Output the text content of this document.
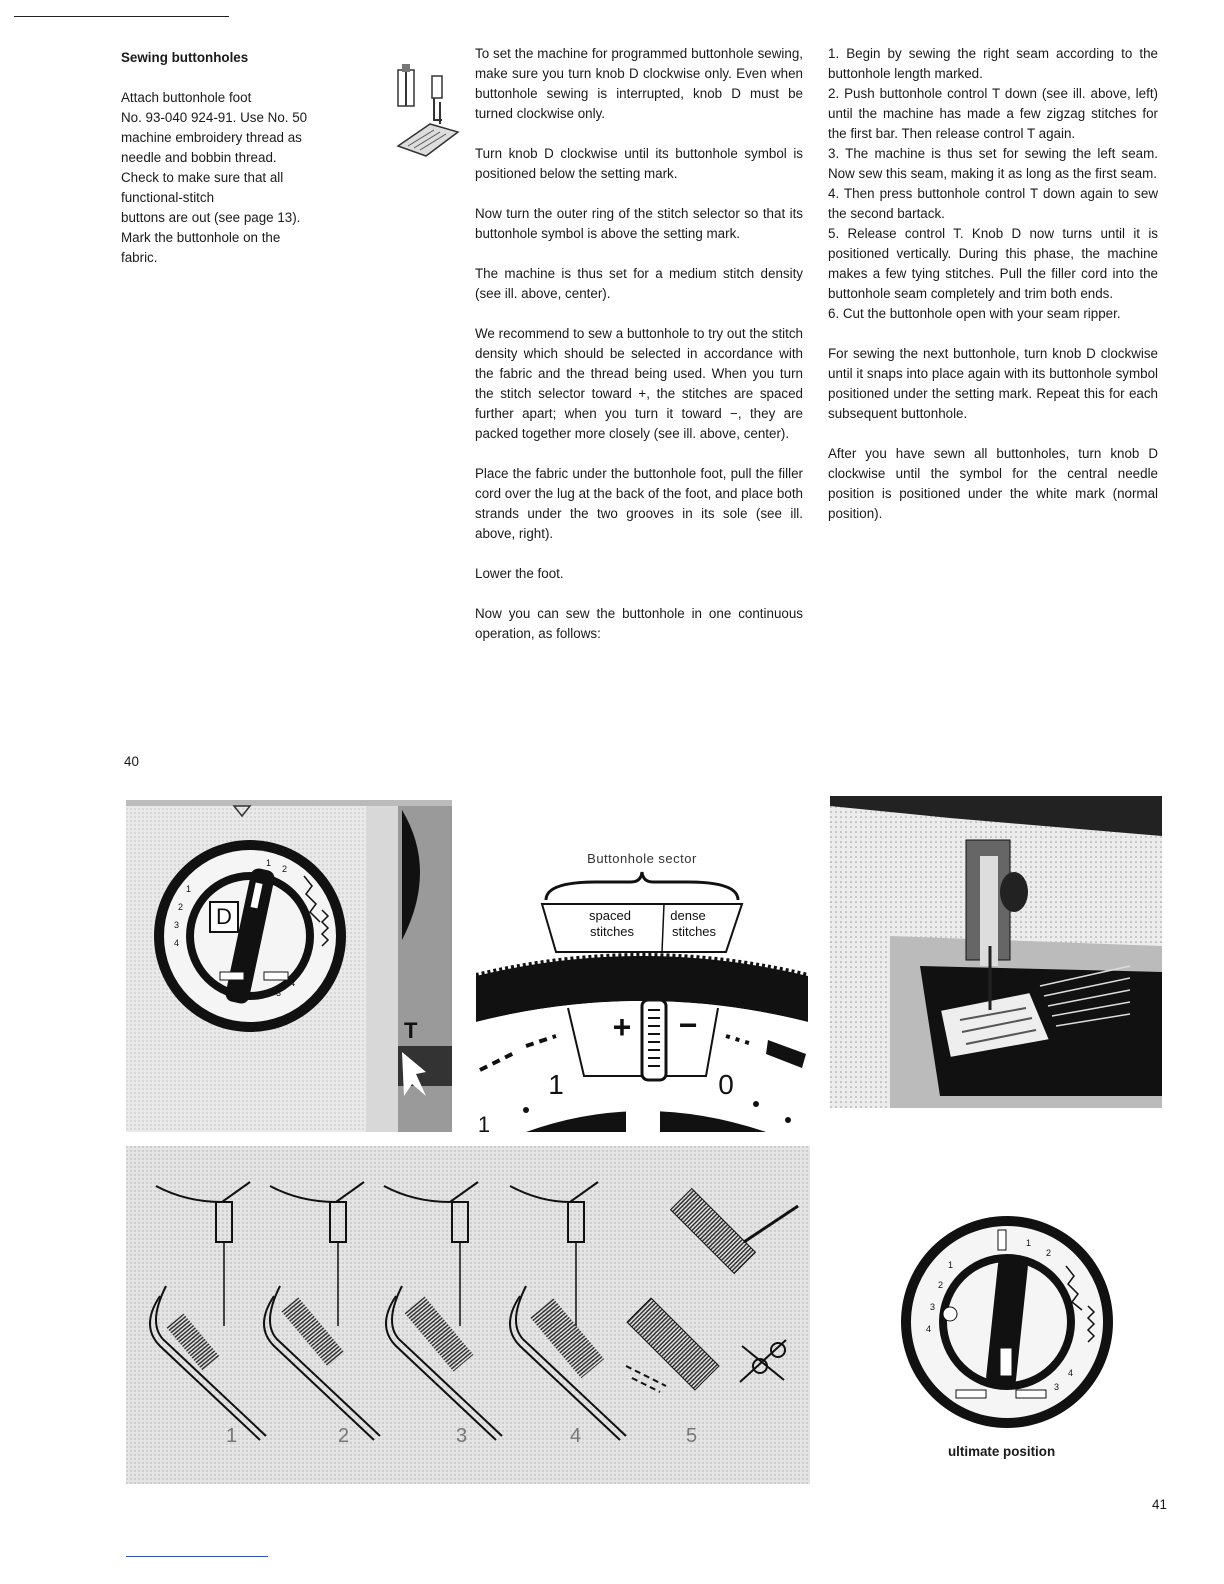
Sewing buttonholes
Attach buttonhole foot
No. 93-040 924-91. Use No. 50
machine embroidery thread as
needle and bobbin thread.
Check to make sure that all
functional-stitch
buttons are out (see page 13).
Mark the buttonhole on the
fabric.

To set the machine for programmed buttonhole sewing, make sure you turn knob D clockwise only. Even when buttonhole sewing is interrupted, knob D must be turned clockwise only.

Turn knob D clockwise until its buttonhole symbol is positioned below the setting mark.

Now turn the outer ring of the stitch selector so that its buttonhole symbol is above the setting mark.

The machine is thus set for a medium stitch density (see ill. above, center).

We recommend to sew a buttonhole to try out the stitch density which should be selected in accordance with the fabric and the thread being used. When you turn the stitch selector toward +, the stitches are spaced further apart; when you turn it toward −, they are packed together more closely (see ill. above, center).

Place the fabric under the buttonhole foot, pull the filler cord over the lug at the back of the foot, and place both strands under the two grooves in its sole (see ill. above, right).

Lower the foot.

Now you can sew the buttonhole in one continuous operation, as follows:

1. Begin by sewing the right seam according to the buttonhole length marked.

2. Push buttonhole control T down (see ill. above, left) until the machine has made a few zigzag stitches for the first bar. Then release control T again.

3. The machine is thus set for sewing the left seam. Now sew this seam, making it as long as the first seam.

4. Then press buttonhole control T down again to sew the second bartack.

5. Release control T. Knob D now turns until it is positioned vertically. During this phase, the machine makes a few tying stitches. Pull the filler cord into the buttonhole seam completely and trim both ends.

6. Cut the buttonhole open with your seam ripper.

For sewing the next buttonhole, turn knob D clockwise until it snaps into place again with its buttonhole symbol positioned under the setting mark. Repeat this for each subsequent buttonhole.

After you have sewn all buttonholes, turn knob D clockwise until the symbol for the central needle position is positioned under the white mark (normal position).

40
D
1
2
3
4
1
2
3
4
T
Buttonhole sector
spaced
stitches
dense
stitches
+ −
1	0
1
1	2	3	4	5
1
2
3
4
1
2
3
4
ultimate position
41
